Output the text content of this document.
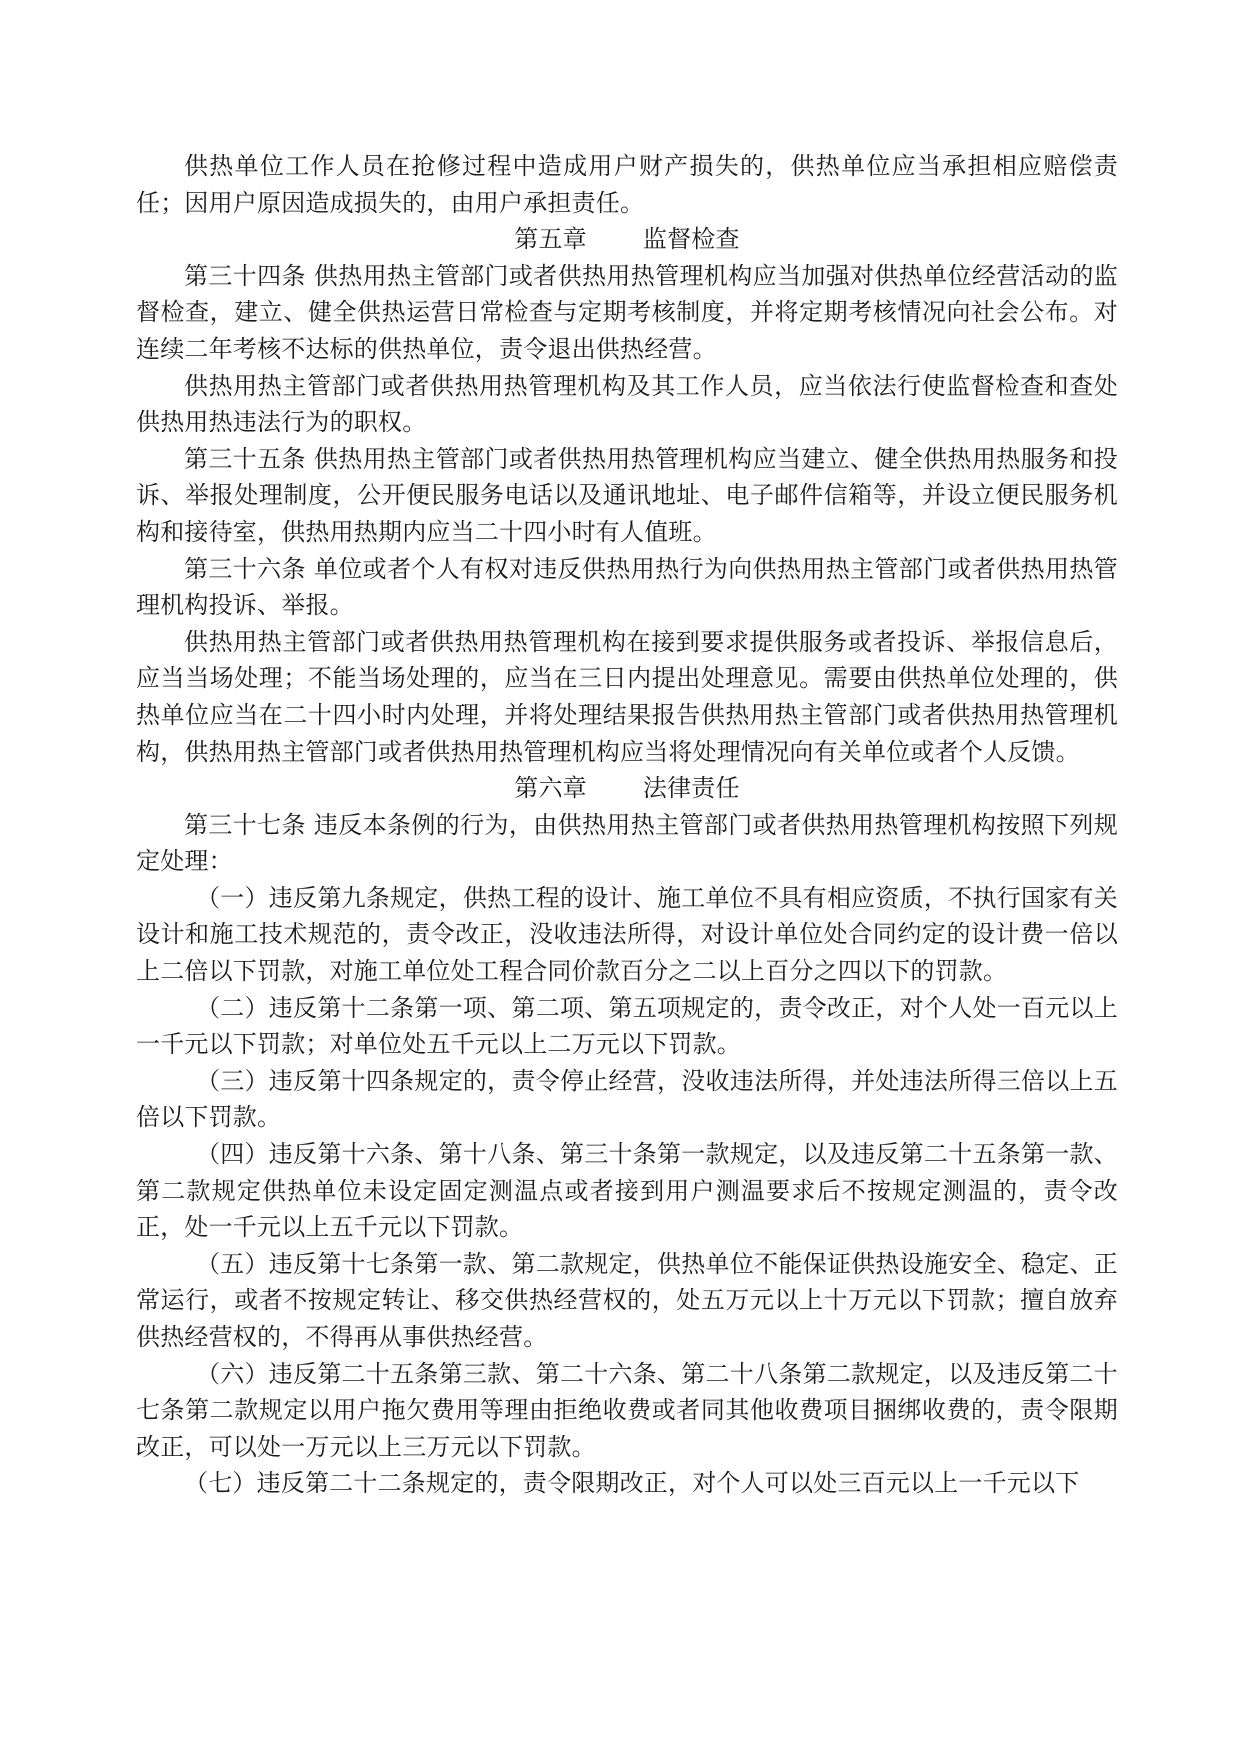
供热单位工作人员在抢修过程中造成用户财产损失的，供热单位应当承担相应赔偿责任；因用户原因造成损失的，由用户承担责任。

第五章 监督检查

第三十四条 供热用热主管部门或者供热用热管理机构应当加强对供热单位经营活动的监督检查，建立、健全供热运营日常检查与定期考核制度，并将定期考核情况向社会公布。对连续二年考核不达标的供热单位，责令退出供热经营。

供热用热主管部门或者供热用热管理机构及其工作人员，应当依法行使监督检查和查处供热用热违法行为的职权。

第三十五条 供热用热主管部门或者供热用热管理机构应当建立、健全供热用热服务和投诉、举报处理制度，公开便民服务电话以及通讯地址、电子邮件信箱等，并设立便民服务机构和接待室，供热用热期内应当二十四小时有人值班。

第三十六条 单位或者个人有权对违反供热用热行为向供热用热主管部门或者供热用热管理机构投诉、举报。

供热用热主管部门或者供热用热管理机构在接到要求提供服务或者投诉、举报信息后，应当当场处理；不能当场处理的，应当在三日内提出处理意见。需要由供热单位处理的，供热单位应当在二十四小时内处理，并将处理结果报告供热用热主管部门或者供热用热管理机构，供热用热主管部门或者供热用热管理机构应当将处理情况向有关单位或者个人反馈。

第六章 法律责任

第三十七条 违反本条例的行为，由供热用热主管部门或者供热用热管理机构按照下列规定处理：

（一）违反第九条规定，供热工程的设计、施工单位不具有相应资质，不执行国家有关设计和施工技术规范的，责令改正，没收违法所得，对设计单位处合同约定的设计费一倍以上二倍以下罚款，对施工单位处工程合同价款百分之二以上百分之四以下的罚款。

（二）违反第十二条第一项、第二项、第五项规定的，责令改正，对个人处一百元以上一千元以下罚款；对单位处五千元以上二万元以下罚款。

（三）违反第十四条规定的，责令停止经营，没收违法所得，并处违法所得三倍以上五倍以下罚款。

（四）违反第十六条、第十八条、第三十条第一款规定，以及违反第二十五条第一款、第二款规定供热单位未设定固定测温点或者接到用户测温要求后不按规定测温的，责令改正，处一千元以上五千元以下罚款。

（五）违反第十七条第一款、第二款规定，供热单位不能保证供热设施安全、稳定、正常运行，或者不按规定转让、移交供热经营权的，处五万元以上十万元以下罚款；擅自放弃供热经营权的，不得再从事供热经营。

（六）违反第二十五条第三款、第二十六条、第二十八条第二款规定，以及违反第二十七条第二款规定以用户拖欠费用等理由拒绝收费或者同其他收费项目捆绑收费的，责令限期改正，可以处一万元以上三万元以下罚款。

（七）违反第二十二条规定的，责令限期改正，对个人可以处三百元以上一千元以下
